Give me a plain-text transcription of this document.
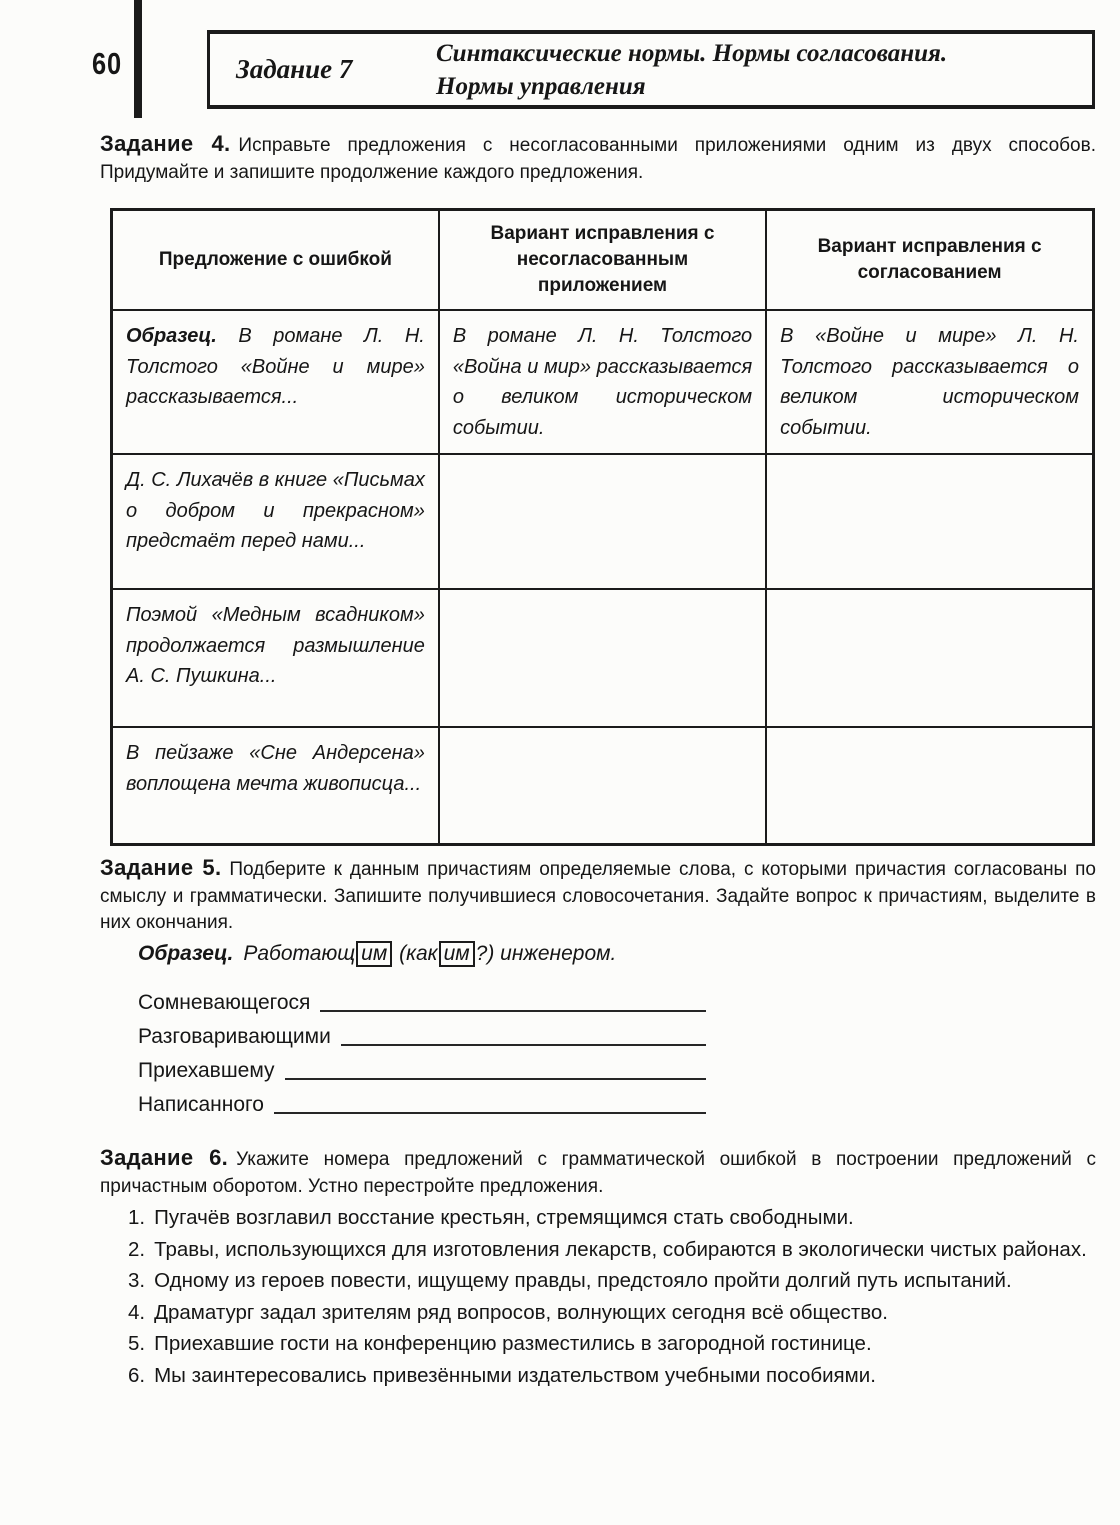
60	Задание 7
Синтаксические нормы. Нормы согласования.
Нормы управления
Задание 4. Исправьте предложения с несогласованными приложениями одним из двух способов. Придумайте и запишите продолжение каждого предложения.
Предложение с ошибкой	Вариант исправления с несогласованным приложением	Вариант исправления с согласованием
Образец. В романе Л. Н. Толстого «Войне и мире» рассказывается...	В романе Л. Н. Толстого «Война и мир» рассказывается о великом историческом событии.	В «Войне и мире» Л. Н. Толстого рассказывается о великом историческом событии.
Д. С. Лихачёв в книге «Письмах о добром и прекрасном» предстаёт перед нами...		
Поэмой «Медным всадником» продолжается размышление А. С. Пушкина...		
В пейзаже «Сне Андерсена» воплощена мечта живописца...		
Задание 5. Подберите к данным причастиям определяемые слова, с которыми причастия согласованы по смыслу и грамматически. Запишите получившиеся словосочетания. Задайте вопрос к причастиям, выделите в них окончания.
Образец. Работающ им (как им ?) инженером.
Сомневающегося
Разговаривающими
Приехавшему
Написанного
Задание 6. Укажите номера предложений с грамматической ошибкой в построении предложений с причастным оборотом. Устно перестройте предложения.
1. Пугачёв возглавил восстание крестьян, стремящимся стать свободными.
2. Травы, использующихся для изготовления лекарств, собираются в экологически чистых районах.
3. Одному из героев повести, ищущему правды, предстояло пройти долгий путь испытаний.
4. Драматург задал зрителям ряд вопросов, волнующих сегодня всё общество.
5. Приехавшие гости на конференцию разместились в загородной гостинице.
6. Мы заинтересовались привезёнными издательством учебными пособиями.
